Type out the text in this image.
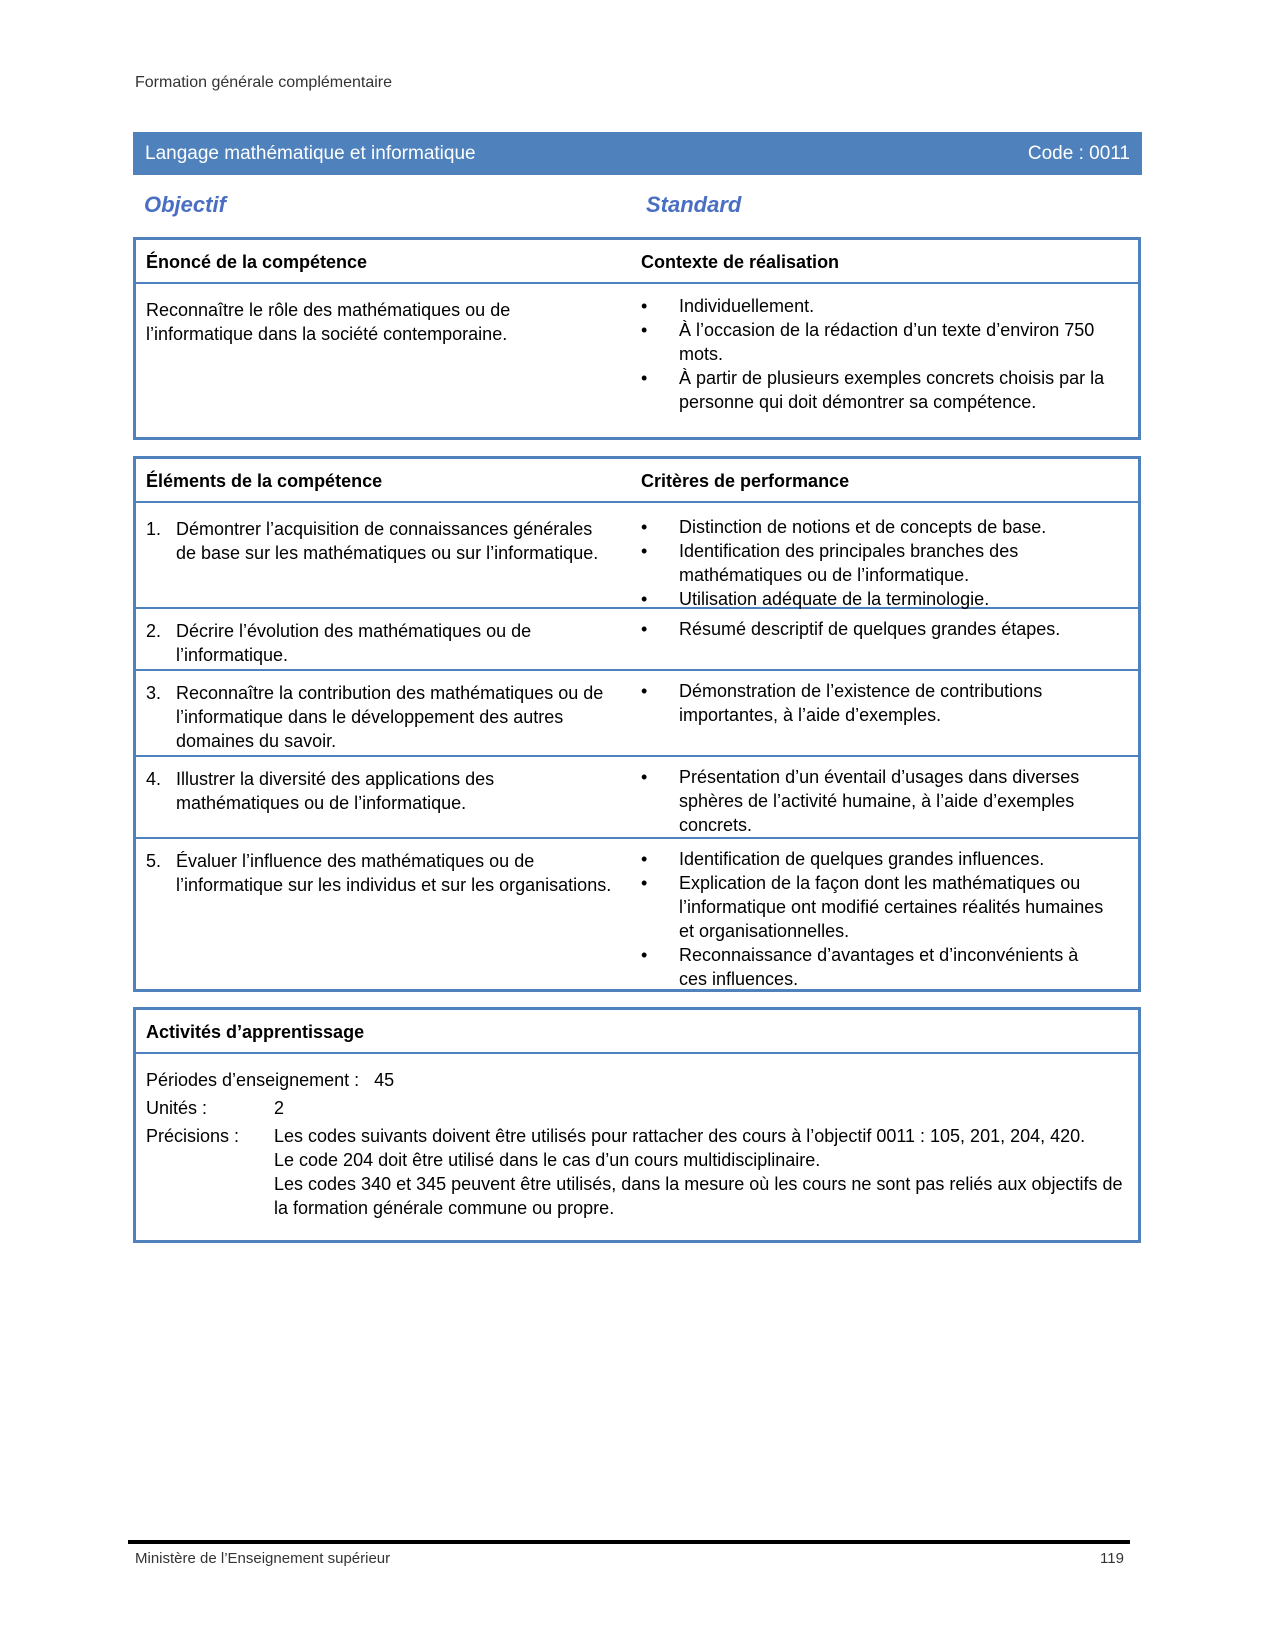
Formation générale complémentaire
Langage mathématique et informatique	Code : 0011
Objectif	Standard
Énoncé de la compétence	Contexte de réalisation
Reconnaître le rôle des mathématiques ou de l’informatique dans la société contemporaine.

• Individuellement.

• À l’occasion de la rédaction d’un texte d’environ 750 mots.

• À partir de plusieurs exemples concrets choisis par la personne qui doit démontrer sa compétence.

Éléments de la compétence	Critères de performance
1. Démontrer l’acquisition de connaissances générales de base sur les mathématiques ou sur l’informatique.

• Distinction de notions et de concepts de base.

• Identification des principales branches des mathématiques ou de l’informatique.

• Utilisation adéquate de la terminologie.

2. Décrire l’évolution des mathématiques ou de l’informatique.

• Résumé descriptif de quelques grandes étapes.

3. Reconnaître la contribution des mathématiques ou de l’informatique dans le développement des autres domaines du savoir.

• Démonstration de l’existence de contributions importantes, à l’aide d’exemples.

4. Illustrer la diversité des applications des mathématiques ou de l’informatique.

• Présentation d’un éventail d’usages dans diverses sphères de l’activité humaine, à l’aide d’exemples concrets.

5. Évaluer l’influence des mathématiques ou de l’informatique sur les individus et sur les organisations.

• Identification de quelques grandes influences.

• Explication de la façon dont les mathématiques ou l’informatique ont modifié certaines réalités humaines et organisationnelles.

• Reconnaissance d’avantages et d’inconvénients à ces influences.

Activités d’apprentissage
Périodes d’enseignement : 45
Unités :	2
Précisions : Les codes suivants doivent être utilisés pour rattacher des cours à l’objectif 0011 : 105, 201, 204, 420.
Le code 204 doit être utilisé dans le cas d’un cours multidisciplinaire.
Les codes 340 et 345 peuvent être utilisés, dans la mesure où les cours ne sont pas reliés aux objectifs de la formation générale commune ou propre.
Ministère de l’Enseignement supérieur	119
